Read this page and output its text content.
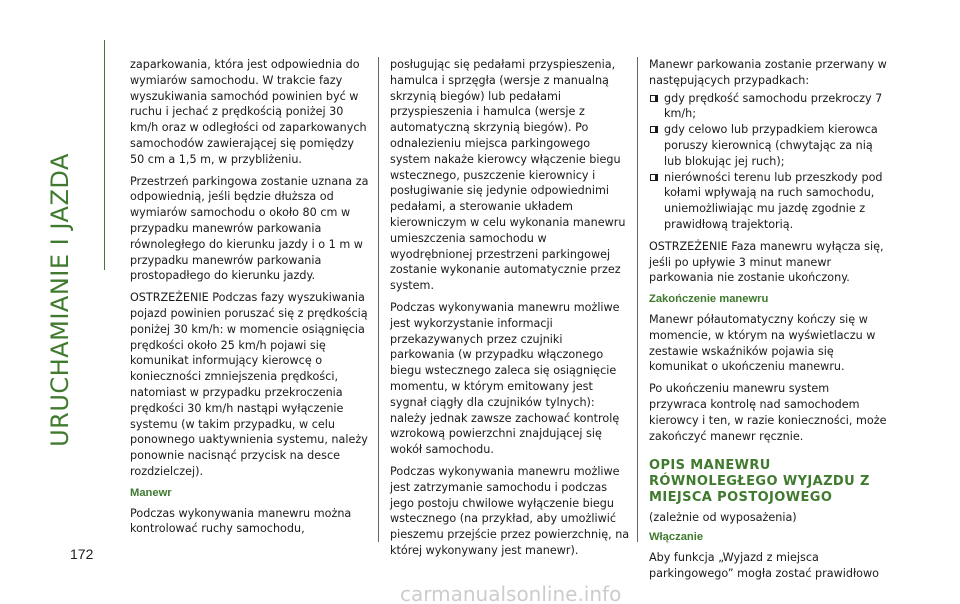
URUCHAMIANIE I JAZDA

zaparkowania, która jest odpowiednia do wymiarów samochodu. W trakcie fazy wyszukiwania samochód powinien być w ruchu i jechać z prędkością poniżej 30 km/h oraz w odległości od zaparkowanych samochodów zawierającej się pomiędzy 50 cm a 1,5 m, w przybliżeniu.

Przestrzeń parkingowa zostanie uznana za odpowiednią, jeśli będzie dłuższa od wymiarów samochodu o około 80 cm w przypadku manewrów parkowania równoległego do kierunku jazdy i o 1 m w przypadku manewrów parkowania prostopadłego do kierunku jazdy.

OSTRZEŻENIE Podczas fazy wyszukiwania pojazd powinien poruszać się z prędkością poniżej 30 km/h: w momencie osiągnięcia prędkości około 25 km/h pojawi się komunikat informujący kierowcę o konieczności zmniejszenia prędkości, natomiast w przypadku przekroczenia prędkości 30 km/h nastąpi wyłączenie systemu (w takim przypadku, w celu ponownego uaktywnienia systemu, należy ponownie nacisnąć przycisk na desce rozdzielczej).

Manewr

Podczas wykonywania manewru można kontrolować ruchy samochodu,

posługując się pedałami przyspieszenia, hamulca i sprzęgła (wersje z manualną skrzynią biegów) lub pedałami przyspieszenia i hamulca (wersje z automatyczną skrzynią biegów). Po odnalezieniu miejsca parkingowego system nakaże kierowcy włączenie biegu wstecznego, puszczenie kierownicy i posługiwanie się jedynie odpowiednimi pedałami, a sterowanie układem kierowniczym w celu wykonania manewru umieszczenia samochodu w wyodrębnionej przestrzeni parkingowej zostanie wykonanie automatycznie przez system.

Podczas wykonywania manewru możliwe jest wykorzystanie informacji przekazywanych przez czujniki parkowania (w przypadku włączonego biegu wstecznego zaleca się osiągnięcie momentu, w którym emitowany jest sygnał ciągły dla czujników tylnych): należy jednak zawsze zachować kontrolę wzrokową powierzchni znajdującej się wokół samochodu.

Podczas wykonywania manewru możliwe jest zatrzymanie samochodu i podczas jego postoju chwilowe wyłączenie biegu wstecznego (na przykład, aby umożliwić pieszemu przejście przez powierzchnię, na której wykonywany jest manewr).

Manewr parkowania zostanie przerwany w następujących przypadkach:

gdy prędkość samochodu przekroczy 7 km/h;
gdy celowo lub przypadkiem kierowca poruszy kierownicą (chwytając za nią lub blokując jej ruch);
nierówności terenu lub przeszkody pod kołami wpływają na ruch samochodu, uniemożliwiając mu jazdę zgodnie z prawidłową trajektorią.

OSTRZEŻENIE Faza manewru wyłącza się, jeśli po upływie 3 minut manewr parkowania nie zostanie ukończony.

Zakończenie manewru

Manewr półautomatyczny kończy się w momencie, w którym na wyświetlaczu w zestawie wskaźników pojawia się komunikat o ukończeniu manewru.

Po ukończeniu manewru system przywraca kontrolę nad samochodem kierowcy i ten, w razie konieczności, może zakończyć manewr ręcznie.

OPIS MANEWRU RÓWNOLEGŁEGO WYJAZDU Z MIEJSCA POSTOJOWEGO

(zależnie od wyposażenia)

Włączanie

Aby funkcja „Wyjazd z miejsca parkingowego” mogła zostać prawidłowo

172
carmanualsonline.info
